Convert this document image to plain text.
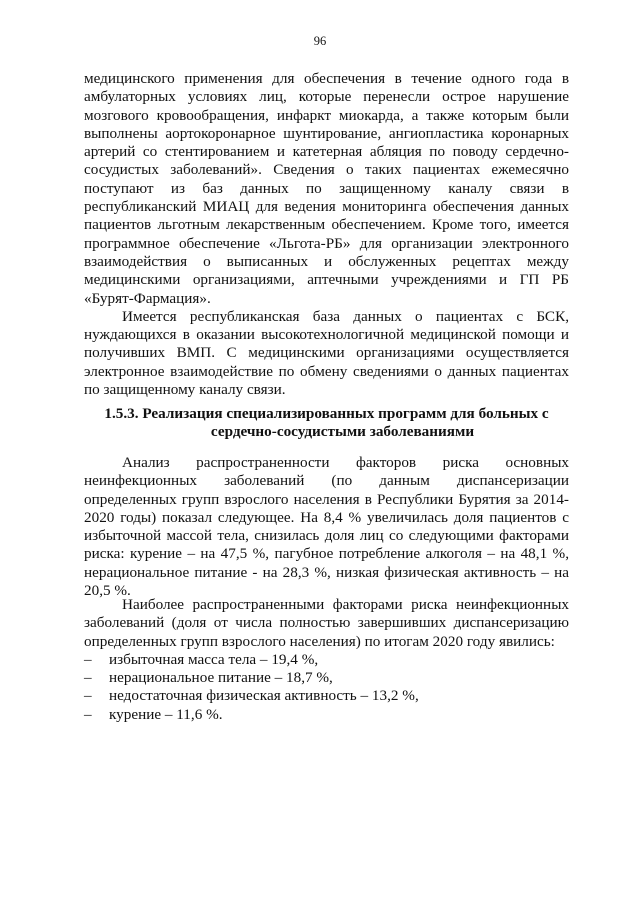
96

медицинского применения для обеспечения в течение одного года в амбулаторных условиях лиц, которые перенесли острое нарушение мозгового кровообращения, инфаркт миокарда, а также которым были выполнены аортокоронарное шунтирование, ангиопластика коронарных артерий со стентированием и катетерная абляция по поводу сердечно-сосудистых заболеваний». Сведения о таких пациентах ежемесячно поступают из баз данных по защищенному каналу связи в республиканский МИАЦ для ведения мониторинга обеспечения данных пациентов льготным лекарственным обеспечением. Кроме того, имеется программное обеспечение «Льгота-РБ» для организации электронного взаимодействия о выписанных и обслуженных рецептах между медицинскими организациями, аптечными учреждениями и ГП РБ «Бурят-Фармация».

Имеется республиканская база данных о пациентах с БСК, нуждающихся в оказании высокотехнологичной медицинской помощи и получивших ВМП. С медицинскими организациями осуществляется электронное взаимодействие по обмену сведениями о данных пациентах по защищенному каналу связи.

1.5.3. Реализация специализированных программ для больных с
сердечно-сосудистыми заболеваниями

Анализ распространенности факторов риска основных неинфекционных заболеваний (по данным диспансеризации определенных групп взрослого населения в Республики Бурятия за 2014-2020 годы) показал следующее. На 8,4 % увеличилась доля пациентов с избыточной массой тела, снизилась доля лиц со следующими факторами риска: курение – на 47,5 %, пагубное потребление алкоголя – на 48,1 %, нерациональное питание - на 28,3 %, низкая физическая активность – на 20,5 %.

Наиболее распространенными факторами риска неинфекционных заболеваний (доля от числа полностью завершивших диспансеризацию определенных групп взрослого населения) по итогам 2020 году явились:

– избыточная масса тела – 19,4 %,
– нерациональное питание – 18,7 %,
– недостаточная физическая активность – 13,2 %,
– курение – 11,6 %.
